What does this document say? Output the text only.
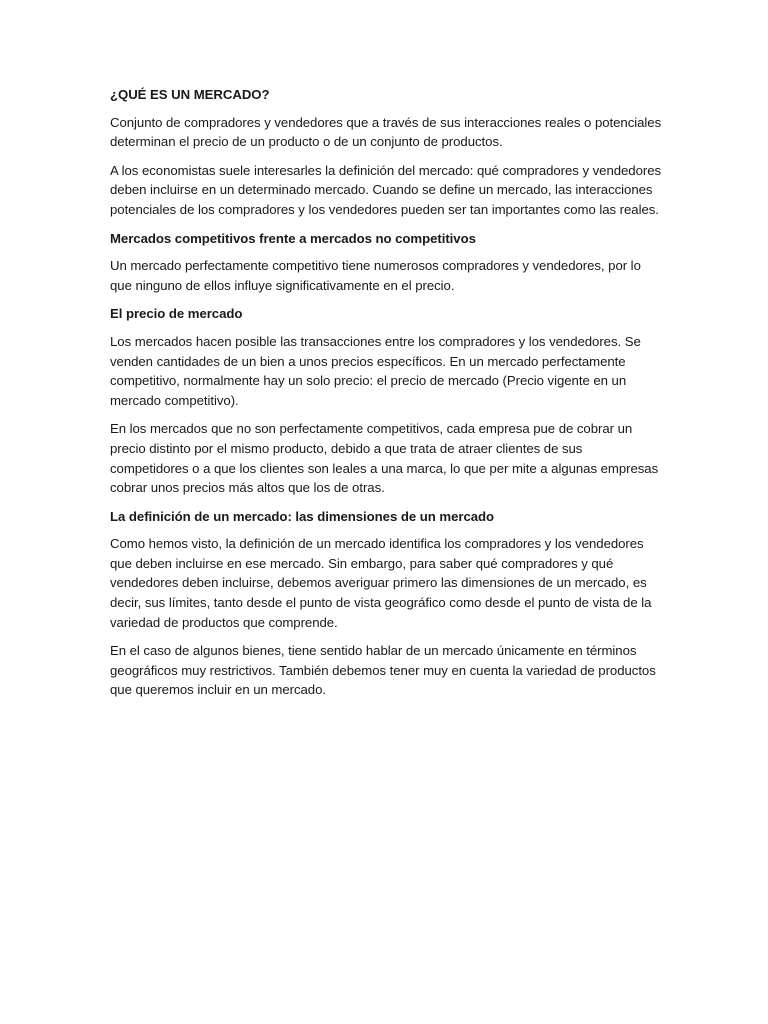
¿QUÉ ES UN MERCADO?

Conjunto de compradores y vendedores que a través de sus interacciones reales o potenciales determinan el precio de un producto o de un conjunto de productos.

A los economistas suele interesarles la definición del mercado: qué compradores y vendedores deben incluirse en un determinado mercado. Cuando se define un mercado, las interacciones potenciales de los compradores y los vendedores pueden ser tan importantes como las reales.

Mercados competitivos frente a mercados no competitivos

Un mercado perfectamente competitivo tiene numerosos compradores y vendedores, por lo que ninguno de ellos influye significativamente en el precio.

El precio de mercado

Los mercados hacen posible las transacciones entre los compradores y los vendedores. Se venden cantidades de un bien a unos precios específicos. En un mercado perfectamente competitivo, normalmente hay un solo precio: el precio de mercado (Precio vigente en un mercado competitivo).

En los mercados que no son perfectamente competitivos, cada empresa pue de cobrar un precio distinto por el mismo producto, debido a que trata de atraer clientes de sus competidores o a que los clientes son leales a una marca, lo que per mite a algunas empresas cobrar unos precios más altos que los de otras.

La definición de un mercado: las dimensiones de un mercado

Como hemos visto, la definición de un mercado identifica los compradores y los vendedores que deben incluirse en ese mercado. Sin embargo, para saber qué compradores y qué vendedores deben incluirse, debemos averiguar primero las dimensiones de un mercado, es decir, sus límites, tanto desde el punto de vista geográfico como desde el punto de vista de la variedad de productos que comprende.

En el caso de algunos bienes, tiene sentido hablar de un mercado únicamente en términos geográficos muy restrictivos. También debemos tener muy en cuenta la variedad de productos que queremos incluir en un mercado.
